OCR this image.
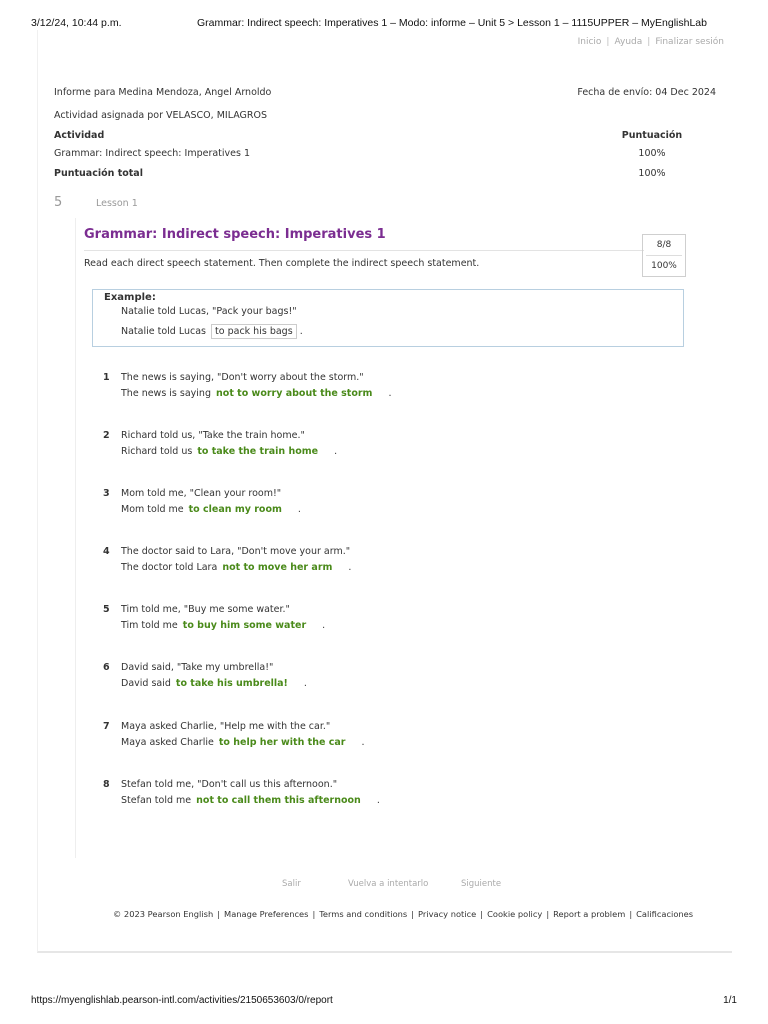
3/12/24, 10:44 p.m.	Grammar: Indirect speech: Imperatives 1 – Modo: informe – Unit 5 > Lesson 1 – 1115UPPER – MyEnglishLab
Inicio | Ayuda | Finalizar sesión
Informe para Medina Mendoza, Angel Arnoldo	Fecha de envío: 04 Dec 2024
Actividad asignada por VELASCO, MILAGROS
Actividad	Puntuación
Grammar: Indirect speech: Imperatives 1	100%
Puntuación total	100%
5	Lesson 1
Grammar: Indirect speech: Imperatives 1
Read each direct speech statement. Then complete the indirect speech statement.
8/8
100%
Example:
Natalie told Lucas, "Pack your bags!"
Natalie told Lucas to pack his bags .
1 The news is saying, "Don't worry about the storm."
The news is saying not to worry about the storm .
2 Richard told us, "Take the train home."
Richard told us to take the train home .
3 Mom told me, "Clean your room!"
Mom told me to clean my room .
4 The doctor said to Lara, "Don't move your arm."
The doctor told Lara not to move her arm .
5 Tim told me, "Buy me some water."
Tim told me to buy him some water .
6 David said, "Take my umbrella!"
David said to take his umbrella! .
7 Maya asked Charlie, "Help me with the car."
Maya asked Charlie to help her with the car .
8 Stefan told me, "Don't call us this afternoon."
Stefan told me not to call them this afternoon .
Salir	Vuelva a intentarlo	Siguiente
© 2023 Pearson English | Manage Preferences | Terms and conditions | Privacy notice | Cookie policy | Report a problem | Calificaciones
https://myenglishlab.pearson-intl.com/activities/2150653603/0/report	1/1
